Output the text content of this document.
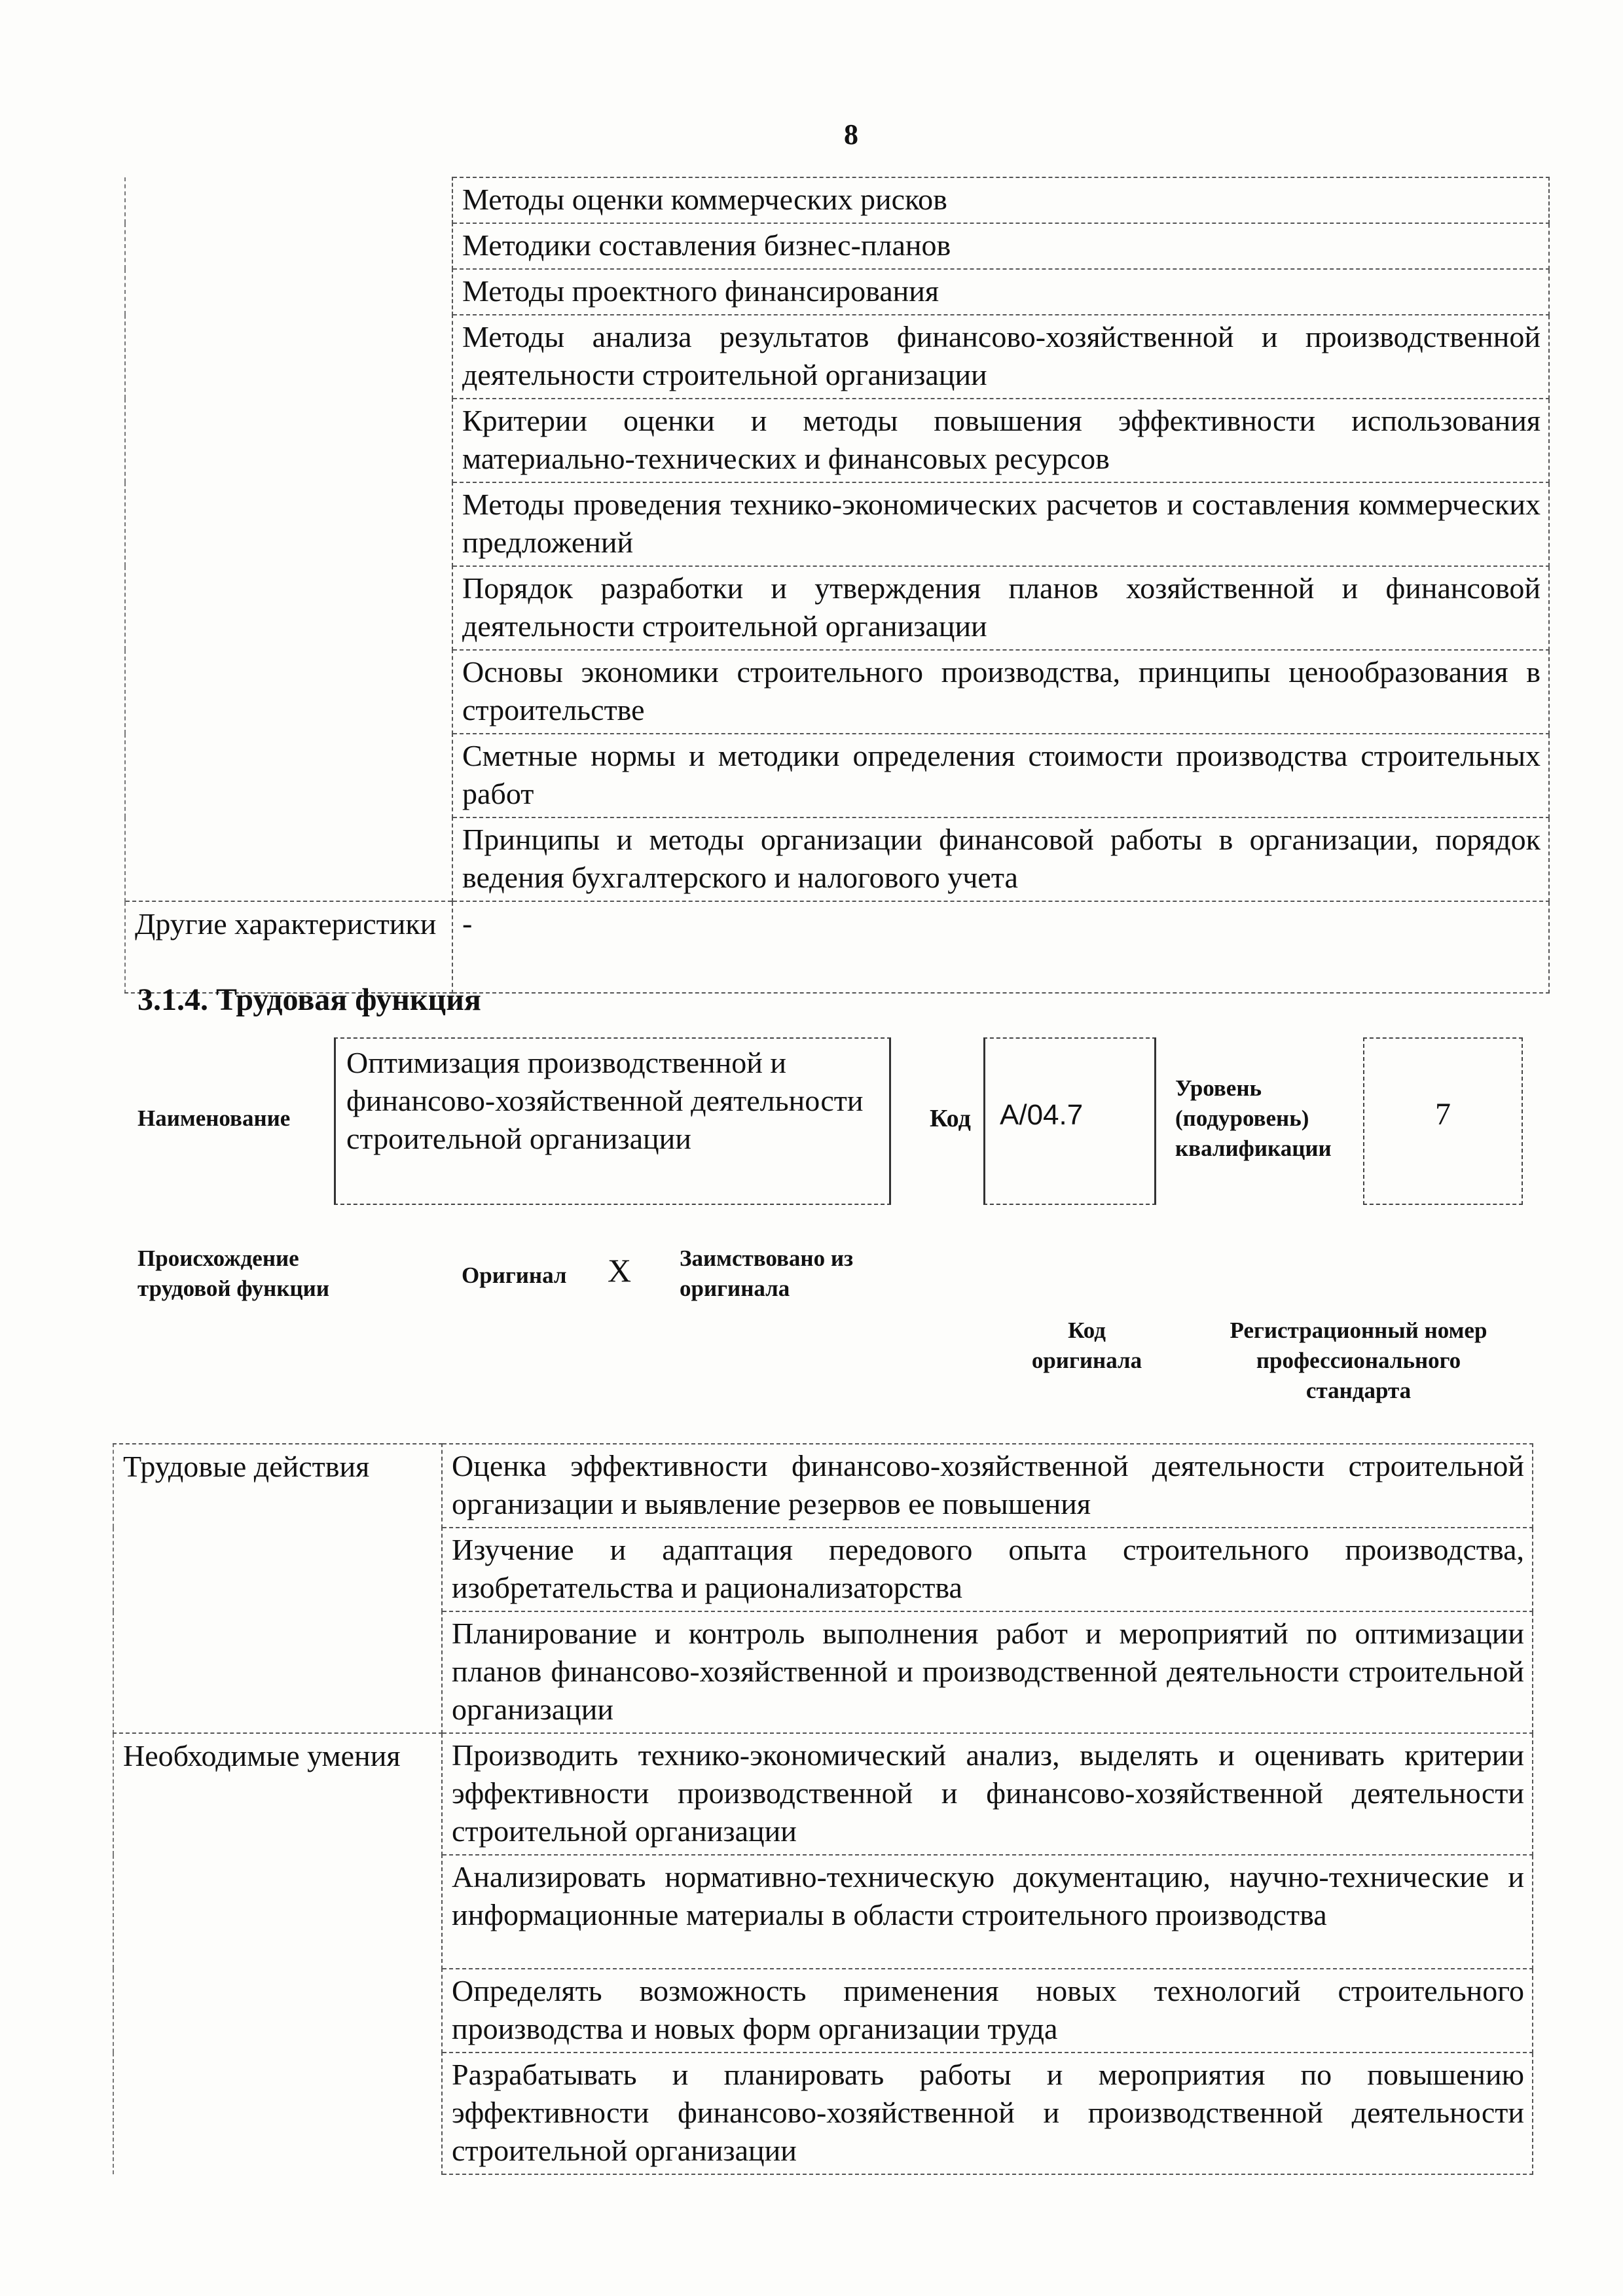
8

	Методы оценки коммерческих рисков

	Методики составления бизнес-планов

	Методы проектного финансирования

	Методы анализа результатов финансово-хозяйственной и производственной деятельности строительной организации

	Критерии оценки и методы повышения эффективности использования материально-технических и финансовых ресурсов

	Методы проведения технико-экономических расчетов и составления коммерческих предложений

	Порядок разработки и утверждения планов хозяйственной и финансовой деятельности строительной организации

	Основы экономики строительного производства, принципы ценообразования в строительстве

	Сметные нормы и методики определения стоимости производства строительных работ

	Принципы и методы организации финансовой работы в организации, порядок ведения бухгалтерского и налогового учета

Другие характеристики	-
3.1.4. Трудовая функция
Наименование
Оптимизация производственной и финансово-хозяйственной деятельности строительной организации
Код А/04.7
Уровень (подуровень) квалификации
7
Происхождение трудовой функции
Оригинал X Заимствовано из оригинала
Код оригинала
Регистрационный номер профессионального стандарта
Трудовые действия	Оценка эффективности финансово-хозяйственной деятельности строительной организации и выявление резервов ее повышения

	Изучение и адаптация передового опыта строительного производства, изобретательства и рационализаторства

	Планирование и контроль выполнения работ и мероприятий по оптимизации планов финансово-хозяйственной и производственной деятельности строительной организации

Необходимые умения	Производить технико-экономический анализ, выделять и оценивать критерии эффективности производственной и финансово-хозяйственной деятельности строительной организации

	Анализировать нормативно-техническую документацию, научно-технические и информационные материалы в области строительного производства

	Определять возможность применения новых технологий строительного производства и новых форм организации труда

	Разрабатывать и планировать работы и мероприятия по повышению эффективности финансово-хозяйственной и производственной деятельности строительной организации
